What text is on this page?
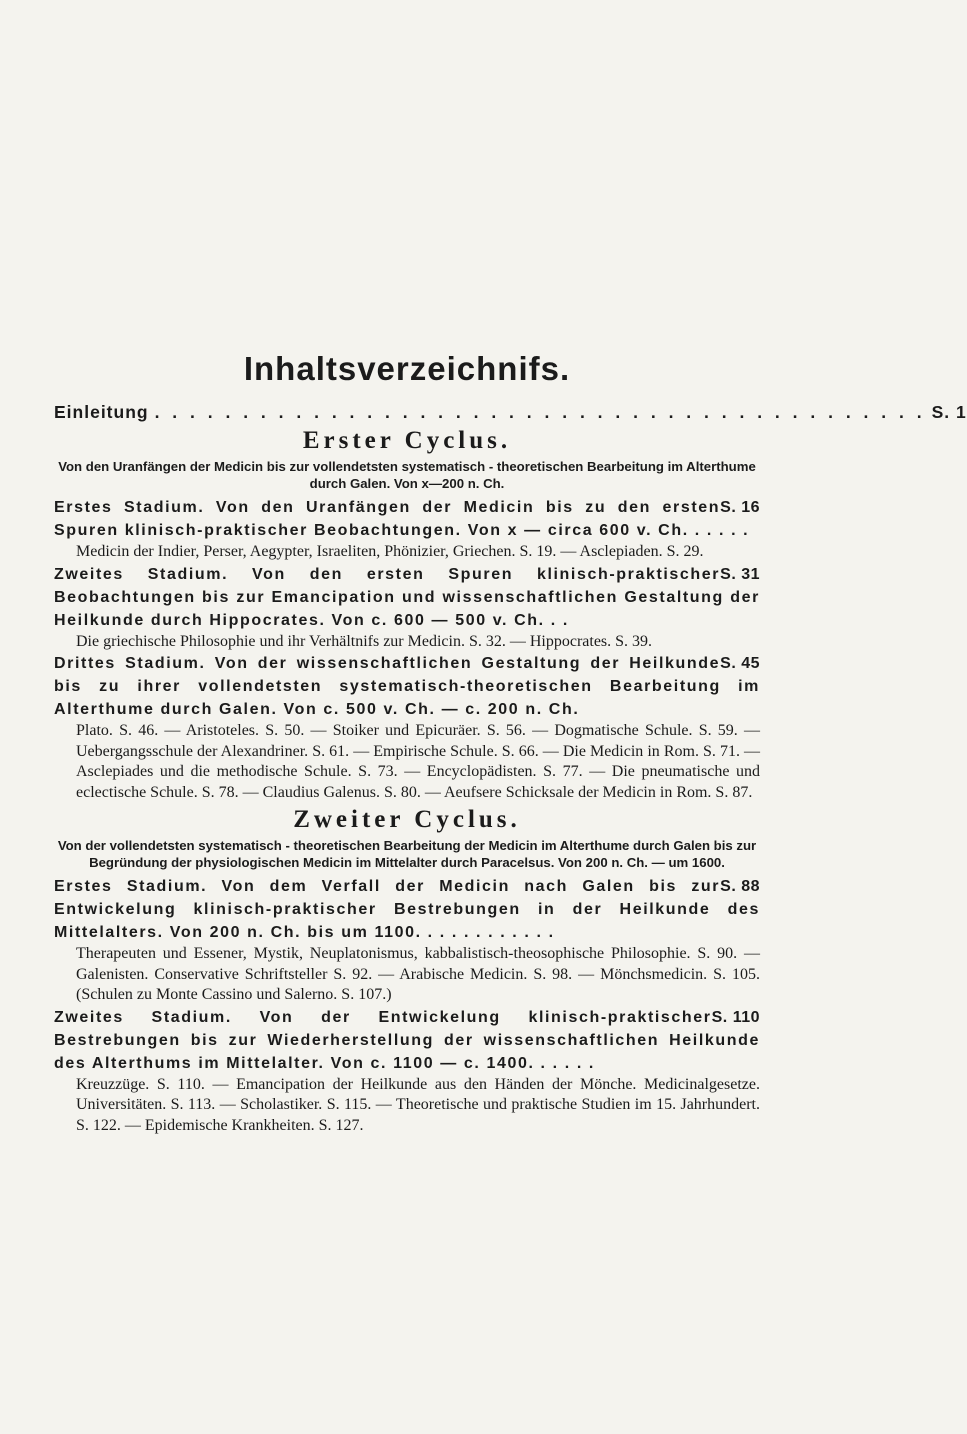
Inhaltsverzeichnifs.
Einleitung . . . . . . . . . . . . . . . . . . . . . . . . . . . . . . . . . . . . . . . . . . . . S. 1
Erster Cyclus.
Von den Uranfängen der Medicin bis zur vollendetsten systematisch - theoretischen Bearbeitung im Alterthume durch Galen. Von x—200 n. Ch.

S. 16
Erstes Stadium. Von den Uranfängen der Medicin bis zu den ersten Spuren klinisch-praktischer Beobachtungen. Von x — circa 600 v. Ch. . . . . .

Medicin der Indier, Perser, Aegypter, Israeliten, Phönizier, Griechen. S. 19. — Asclepiaden. S. 29.

S. 31
Zweites Stadium. Von den ersten Spuren klinisch-praktischer Beobachtungen bis zur Emancipation und wissenschaftlichen Gestaltung der Heilkunde durch Hippocrates. Von c. 600 — 500 v. Ch. . .

Die griechische Philosophie und ihr Verhältnifs zur Medicin. S. 32. — Hippocrates. S. 39.

S. 45
Drittes Stadium. Von der wissenschaftlichen Gestaltung der Heilkunde bis zu ihrer vollendetsten systematisch-theoretischen Bearbeitung im Alterthume durch Galen. Von c. 500 v. Ch. — c. 200 n. Ch.

Plato. S. 46. — Aristoteles. S. 50. — Stoiker und Epicuräer. S. 56. — Dogmatische Schule. S. 59. — Uebergangsschule der Alexandriner. S. 61. — Empirische Schule. S. 66. — Die Medicin in Rom. S. 71. — Asclepiades und die methodische Schule. S. 73. — Encyclopädisten. S. 77. — Die pneumatische und eclectische Schule. S. 78. — Claudius Galenus. S. 80. — Aeufsere Schicksale der Medicin in Rom. S. 87.

Zweiter Cyclus.
Von der vollendetsten systematisch - theoretischen Bearbeitung der Medicin im Alterthume durch Galen bis zur Begründung der physiologischen Medicin im Mittelalter durch Paracelsus. Von 200 n. Ch. — um 1600.

S. 88
Erstes Stadium. Von dem Verfall der Medicin nach Galen bis zur Entwickelung klinisch-praktischer Bestrebungen in der Heilkunde des Mittelalters. Von 200 n. Ch. bis um 1100. . . . . . . . . . . .

Therapeuten und Essener, Mystik, Neuplatonismus, kabbalistisch-theosophische Philosophie. S. 90. — Galenisten. Conservative Schriftsteller S. 92. — Arabische Medicin. S. 98. — Mönchsmedicin. S. 105. (Schulen zu Monte Cassino und Salerno. S. 107.)

S. 110
Zweites Stadium. Von der Entwickelung klinisch-praktischer Bestrebungen bis zur Wiederherstellung der wissenschaftlichen Heilkunde des Alterthums im Mittelalter. Von c. 1100 — c. 1400. . . . . .

Kreuzzüge. S. 110. — Emancipation der Heilkunde aus den Händen der Mönche. Medicinalgesetze. Universitäten. S. 113. — Scholastiker. S. 115. — Theoretische und praktische Studien im 15. Jahrhundert. S. 122. — Epidemische Krankheiten. S. 127.
